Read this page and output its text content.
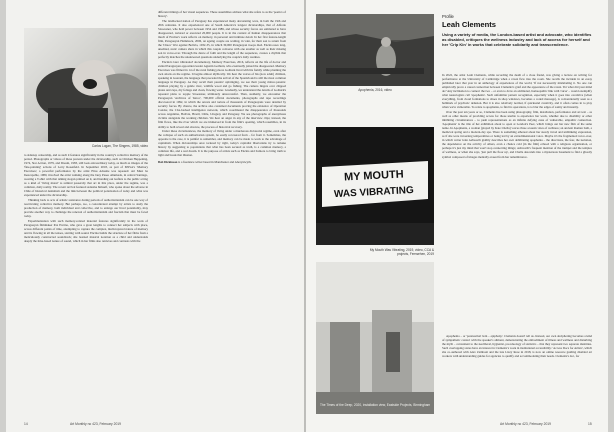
Carlos Logan, The Singers, 1985, video

to sidestep censorship, and as such it features significantly in the country's collective memory of the period. Photographs or videos of these protests under the dictatorship, such as Chicken Happening, 1974, Star Action, 1979, and Dream, 1983, still look extraordinary today, as much as images of the 'fine-painting' actions of Lotty Rosenfeld. In September 2018, as part of MSSA's 'Memory Exercises', a powerful performance by the artist Elias Adasme was repeated: Art Must be Inescapable, 1980, involved the artist walking along the busy Paseo Ahumada, in central Santiago, wearing a T-shirt with that talking slogan printed on it, and handing out leaflets to the public acting as a kind of 'living mural' to remind passersby that art in this place, under the regime, was a common, daily reality. The recent revival featured Adasme himself, who spoke about the adverse in Chile of historical denialism and the link between the political polarisation of today and what was experienced under the dictatorship.

Thinking back to acts of artistic resistance during periods of authoritarianism can be one way of reactivating collective memory. But perhaps, too, a concentrated attempt by artists to study the production of memory, both individual and collective, and to enlarge our lived potentiality, may provide another way to challenge the renewal of authoritarianism and fascism that must be faced today.

Experimentation with such memory-related material features significantly in the work of Paraguayan filmmaker Paz Encina, who gave a great lengths to connect her subjects with place, across different points of time, attempting to capture the complex, multi-layered nature of memory and its flowing in all the tenses, starting with sound. Encina builds the structure of her films from a meticulously constructed soundtrack; she learned musical notation as a child and understands deeply the time-based nature of sound, which in her films also retrieves and contrasts with the

different timings of her visual sequences. These assemblies address what she refers to as the 'poetics of history'.

The landlocked nation of Paraguay has experienced many devastating wars, in both the 19th and 20th centuries. It also experienced one of South America's longest dictatorships, that of Alfredo Stroessner, who held power between 1954 and 1989, and whose security forces are estimated to have disappeared, tortured or executed 20,000 people. It is in the context of human disappearances that much of Encina's work reflects on memory, in personal and intimate detail. In her first feature-length film, Paraguayan Hammock, 2006, an ageing couple are waiting, in vain, for their son to return from the 'Chaco' War against Bolivia, 1932-35, in which 30,000 Paraguayan troops died. Encina uses long, unedited, static camera shots in which this couple converse with one another as well as their missing son in voice-over. Through the dance of faith and the length of the sequences, creates a rhythm that perfectly matches the unanswered questions underlying the couple's daily routines.

Encina's later 'ehiratanal' documentary, Memory Exercises, 2016, reflects on the life of doctor and exiled Paraguayan opposition leader Agustin Goiburú, who eventually joined the disappeared. Memory Exercises was filmed in 14 of the rural fishing places Goiburú lived with his family while planning the own attack on the regime. It begins almost idyllically. We hear the voices of his (now adult) children, speaking in Guarani, the language that preceded the arrival of the Spanish and is still the most common language in Paraguay. As they recall their parents' upbringing, we see their young mirror-parents: children playing by a gentle river, wildlife wood and go fishing. The camera lingers over chipped plates and cups, dry foliage and clean, flowing water. Gradually, we understand the details of Goiburú's repeated plans to topple Stroessner, ultimately unsuccessful. Then, suddenly, we encounter the Paraguayan 'Archives of Terror', 700,000 official documents, photographs and tape recordings discovered in 1992, in which the arrests and torture of thousands of Paraguayans were detailed by security forces. By chance, the archive also contained documents proving the existence of Operation Condor, the CIA-backed intelligence network, which coordinated the disappearance of thousands across Argentina, Bolivia, Brazil, Chile, Uruguay and Paraguay. We see photographs of anonymous victims alongside the working children. We hear an anger in any of the interview clips; instead, the film flows, like the river which we are immersed in from the film's opening, which resembles, in its ability to both reveal and obscure, the process of historical recovery.

Under these circumstances, the memory of living under a murderous dictatorial regime, even after the collapse of such an authoritarian system, be easily recovered from – far from it. Sometimes, the opposite is the case, it is painful to remember, and memory can be made to work to the advantage of capitalism. When dictatorships once tortured by right, today's capitalist libertarians try to remake history by suggesting to populations that what has been secured as truth, is a common memory, a common life, and a real dream. It is the purpose of artists such as Encina and Zamora to bring truth to light and break that illusion.

Bob Dickinson is a freelance writer based in Manchester and Aberystwyth.

14	Art Monthly no 423, February 2019
Apophenia, 2016, video
Profile
Leah Clements
Using a variety of media, the London-based artist and advocate, who identifies as disabled, critiques the wellness industry and lack of access for herself and her 'Crip Kin' in works that celebrate solidarity and transcendence.

In 2022, the artist Leah Clements, while recording the death of a close friend, was giving a lecture on writing for performance at the University of Cambridge when a raven flew into the room. She recalls the incident in an essay published later that year in an anthology of experiences of the world, 'If not necessarily mislabeling it. No one can empirically prove a causal connection between Clements's grief and the appearance of the raven. Yet what did your mind do? Any inclination to connect the two – or even to draw an additional, homeopathic link with 'curse' – would exemplify what neurologists call 'apophenia'. Such unfamiliar pattern recognition, especially when it goes into overdrive (when everything, from cloud formations to shoes in shop windows, becomes a coded message), is conventionally seen as a hallmark of psychotic delusion. But it is also relatively normal, if quicksand creativity, and it often comes in to play when we're vulnerable. To relate to apophenia, to find its operations, is to blur the edges of sanity and insanity.

Over the past ten years or so, Clements has been using photography, film, installation, performance and art text – as well as other means of providing access for those unable to experience her work, whether due to disability or other inhibiting circumstances – to push representations as an infinite defying zone of vulnerable, empathic connection. 'Apophenia' is the title of her exhibition about to open at London's Peer, which brings out her new film of the same name. In Apophenia, a woman (played by Kate Chella) voices three acoustic sites of wellness; an ancient Roman bath, a medieval spring and a modern-day spa. There is something ethereal about her steady travel and unblinking expression, as if she were traversing temporalities or being led by an extradimensional voice. Maybe it's the fragmented voice-over, in which writer Jenn Ashworth giddily describes her own debilitating apophenia – the directions, the fear, the isolation, the dependence on the activity of others, even a chance cold (in the film) echoed with a religious organisation, or perhaps it's just my mind that won't stop connecting things; Ashworth's frequent mention of the trumpet and the temples of wellness, or when she says, 'just pull the floor up', and Chella descends into a mysterious basement to find a ghostly symbol composed of images mentally erased from her remembrance.

MY MOUTH
WAS VIBRATING
My Mouth Was Vibrating, 2019, video, CCA & projects, Fernsehen, 2019
The Times of the Deep, 2020, installation view, Eastside Projects, Birmingham

Apophenia – or 'paranormal twin – epiphany'. Clements doesn't tell us. Instead, our own deciphering becomes a kind of sympathetic contact with the speaker's ailment, demonstrating the embodiment of illness and wellness and disturbing the myth – convenient to the neoliberal, hygienist, pre-ideology of statistics – that they represent two separate identities. Such overlapping states have an interest in Clements's work in institutional accessibility: 'Access Docs for Artists', which she co-authored with Alex Zamboni and the late Lizzy Rose in 2018, is now an online resource guiding disabled art workers with understanding guides for agencies to qualify and accommodating their needs. Clements's doc, for

Art Monthly no 423, February 2019	15
